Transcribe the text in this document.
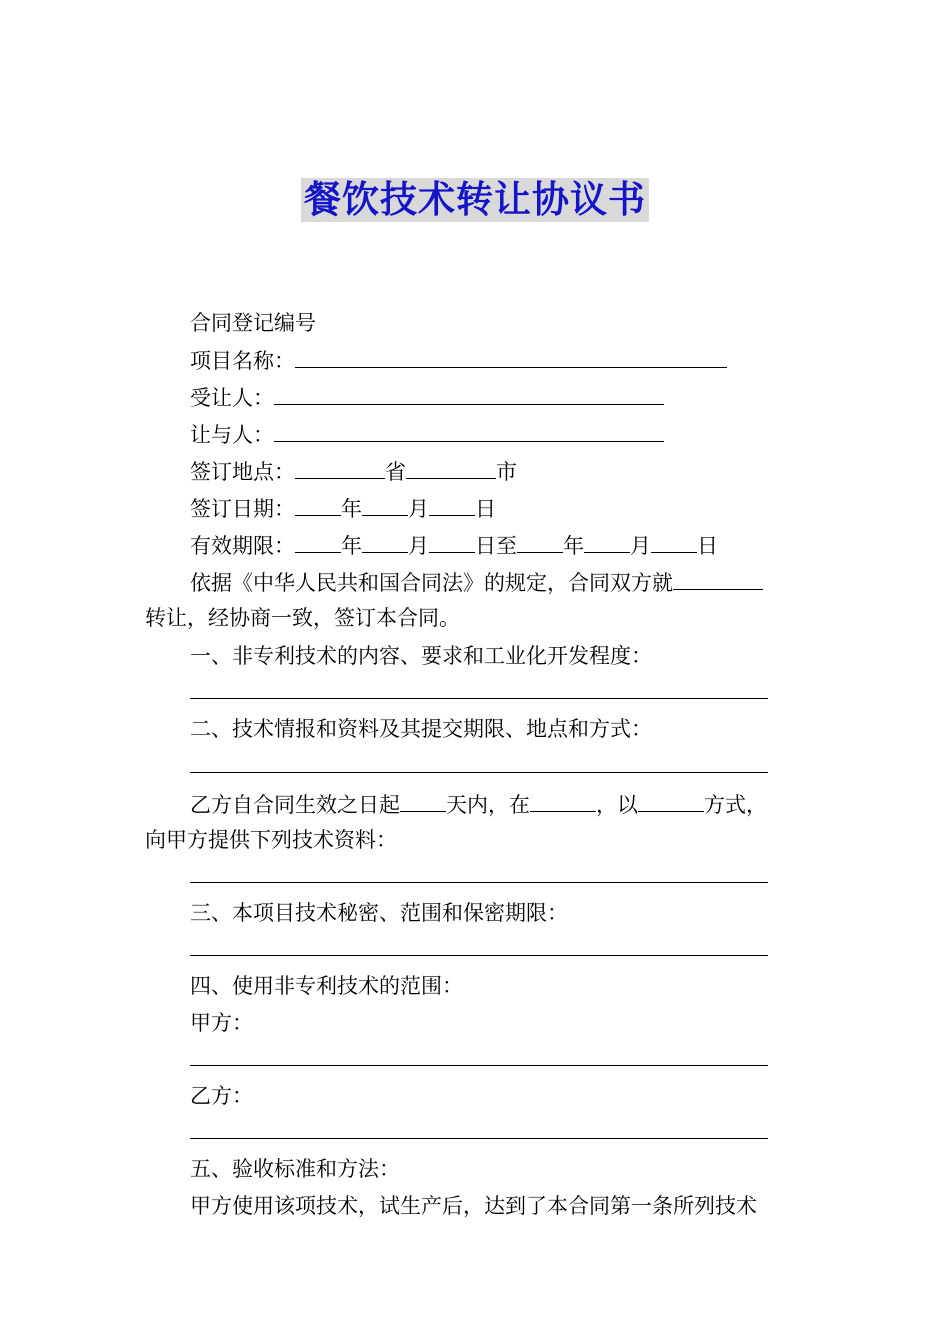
餐饮技术转让协议书
合同登记编号
项目名称：
受让人：
让与人：
签订地点：	省	市
签订日期： 年 月 日
有效期限： 年 月 日至 年 月 日
依据《中华人民共和国合同法》的规定，合同双方就
转让，经协商一致，签订本合同。
一、非专利技术的内容、要求和工业化开发程度：
二、技术情报和资料及其提交期限、地点和方式：
乙方自合同生效之日起 天内，在	，以	方式，
向甲方提供下列技术资料：
三、本项目技术秘密、范围和保密期限：
四、使用非专利技术的范围：
甲方：
乙方：
五、验收标准和方法：
甲方使用该项技术，试生产后，达到了本合同第一条所列技术
